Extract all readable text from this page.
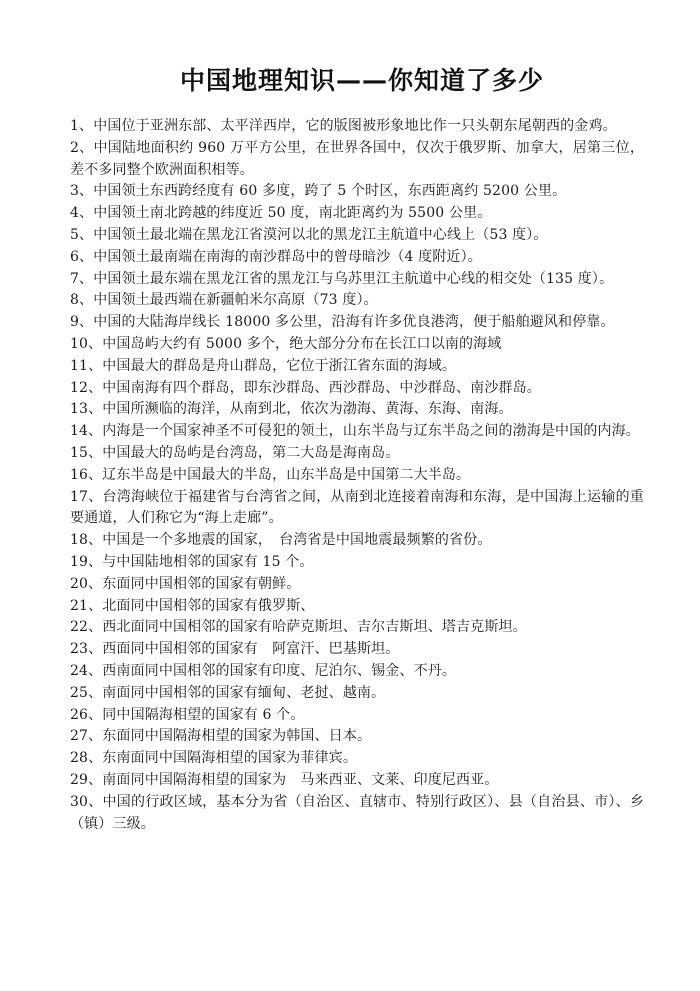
中国地理知识——你知道了多少
1、中国位于亚洲东部、太平洋西岸，它的版图被形象地比作一只头朝东尾朝西的金鸡。
2、中国陆地面积约 960 万平方公里，在世界各国中，仅次于俄罗斯、加拿大，居第三位，差不多同整个欧洲面积相等。
3、中国领土东西跨经度有 60 多度，跨了 5 个时区，东西距离约 5200 公里。
4、中国领土南北跨越的纬度近 50 度，南北距离约为 5500 公里。
5、中国领土最北端在黑龙江省漠河以北的黑龙江主航道中心线上（53 度）。
6、中国领土最南端在南海的南沙群岛中的曾母暗沙（4 度附近）。
7、中国领土最东端在黑龙江省的黑龙江与乌苏里江主航道中心线的相交处（135 度）。
8、中国领土最西端在新疆帕米尔高原（73 度）。
9、中国的大陆海岸线长 18000 多公里，沿海有许多优良港湾，便于船舶避风和停靠。
10、中国岛屿大约有 5000 多个，绝大部分分布在长江口以南的海域
11、中国最大的群岛是舟山群岛，它位于浙江省东面的海域。
12、中国南海有四个群岛，即东沙群岛、西沙群岛、中沙群岛、南沙群岛。
13、中国所濒临的海洋，从南到北，依次为渤海、黄海、东海、南海。
14、内海是一个国家神圣不可侵犯的领土，山东半岛与辽东半岛之间的渤海是中国的内海。
15、中国最大的岛屿是台湾岛，第二大岛是海南岛。
16、辽东半岛是中国最大的半岛，山东半岛是中国第二大半岛。
17、台湾海峡位于福建省与台湾省之间，从南到北连接着南海和东海，是中国海上运输的重要通道，人们称它为“海上走廊”。
18、中国是一个多地震的国家，　台湾省是中国地震最频繁的省份。
19、与中国陆地相邻的国家有 15 个。
20、东面同中国相邻的国家有朝鲜。
21、北面同中国相邻的国家有俄罗斯、
22、西北面同中国相邻的国家有哈萨克斯坦、吉尔吉斯坦、塔吉克斯坦。
23、西面同中国相邻的国家有　阿富汗、巴基斯坦。
24、西南面同中国相邻的国家有印度、尼泊尔、锡金、不丹。
25、南面同中国相邻的国家有缅甸、老挝、越南。
26、同中国隔海相望的国家有 6 个。
27、东面同中国隔海相望的国家为韩国、日本。
28、东南面同中国隔海相望的国家为菲律宾。
29、南面同中国隔海相望的国家为　马来西亚、文莱、印度尼西亚。
30、中国的行政区域，基本分为省（自治区、直辖市、特别行政区）、县（自治县、市）、乡（镇）三级。
